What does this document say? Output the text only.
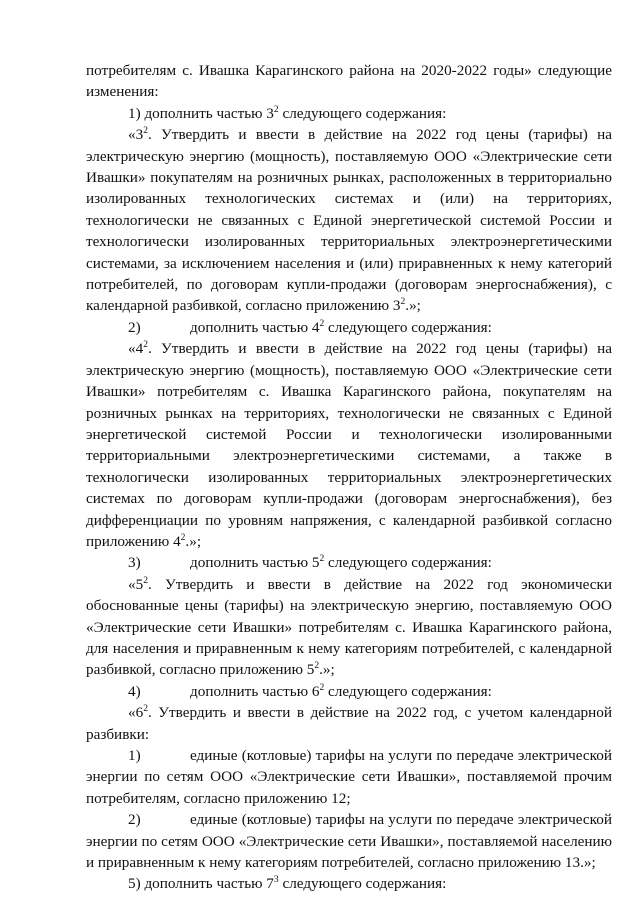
потребителям с. Ивашка Карагинского района на 2020-2022 годы» следующие изменения:

1) дополнить частью $3^2$ следующего содержания:

«$3^2$. Утвердить и ввести в действие на 2022 год цены (тарифы) на электрическую энергию (мощность), поставляемую ООО «Электрические сети Ивашки» покупателям на розничных рынках, расположенных в территориально изолированных технологических системах и (или) на территориях, технологически не связанных с Единой энергетической системой России и технологически изолированных территориальных электроэнергетическими системами, за исключением населения и (или) приравненных к нему категорий потребителей, по договорам купли-продажи (договорам энергоснабжения), с календарной разбивкой, согласно приложению $3^2$.»;

2)	дополнить частью $4^2$ следующего содержания:

«$4^2$. Утвердить и ввести в действие на 2022 год цены (тарифы) на электрическую энергию (мощность), поставляемую ООО «Электрические сети Ивашки» потребителям с. Ивашка Карагинского района, покупателям на розничных рынках на территориях, технологически не связанных с Единой энергетической системой России и технологически изолированными территориальными электроэнергетическими системами, а также в технологически изолированных территориальных электроэнергетических системах по договорам купли-продажи (договорам энергоснабжения), без дифференциации по уровням напряжения, с календарной разбивкой согласно приложению $4^2$.»;

3)	дополнить частью $5^2$ следующего содержания:

«$5^2$. Утвердить и ввести в действие на 2022 год экономически обоснованные цены (тарифы) на электрическую энергию, поставляемую ООО «Электрические сети Ивашки» потребителям с. Ивашка Карагинского района, для населения и приравненным к нему категориям потребителей, с календарной разбивкой, согласно приложению $5^2$.»;

4)	дополнить частью $6^2$ следующего содержания:

«$6^2$. Утвердить и ввести в действие на 2022 год, с учетом календарной разбивки:

1)	единые (котловые) тарифы на услуги по передаче электрической энергии по сетям ООО «Электрические сети Ивашки», поставляемой прочим потребителям, согласно приложению 12;

2)	единые (котловые) тарифы на услуги по передаче электрической энергии по сетям ООО «Электрические сети Ивашки», поставляемой населению и приравненным к нему категориям потребителей, согласно приложению 13.»;

5) дополнить частью $7^3$ следующего содержания:
